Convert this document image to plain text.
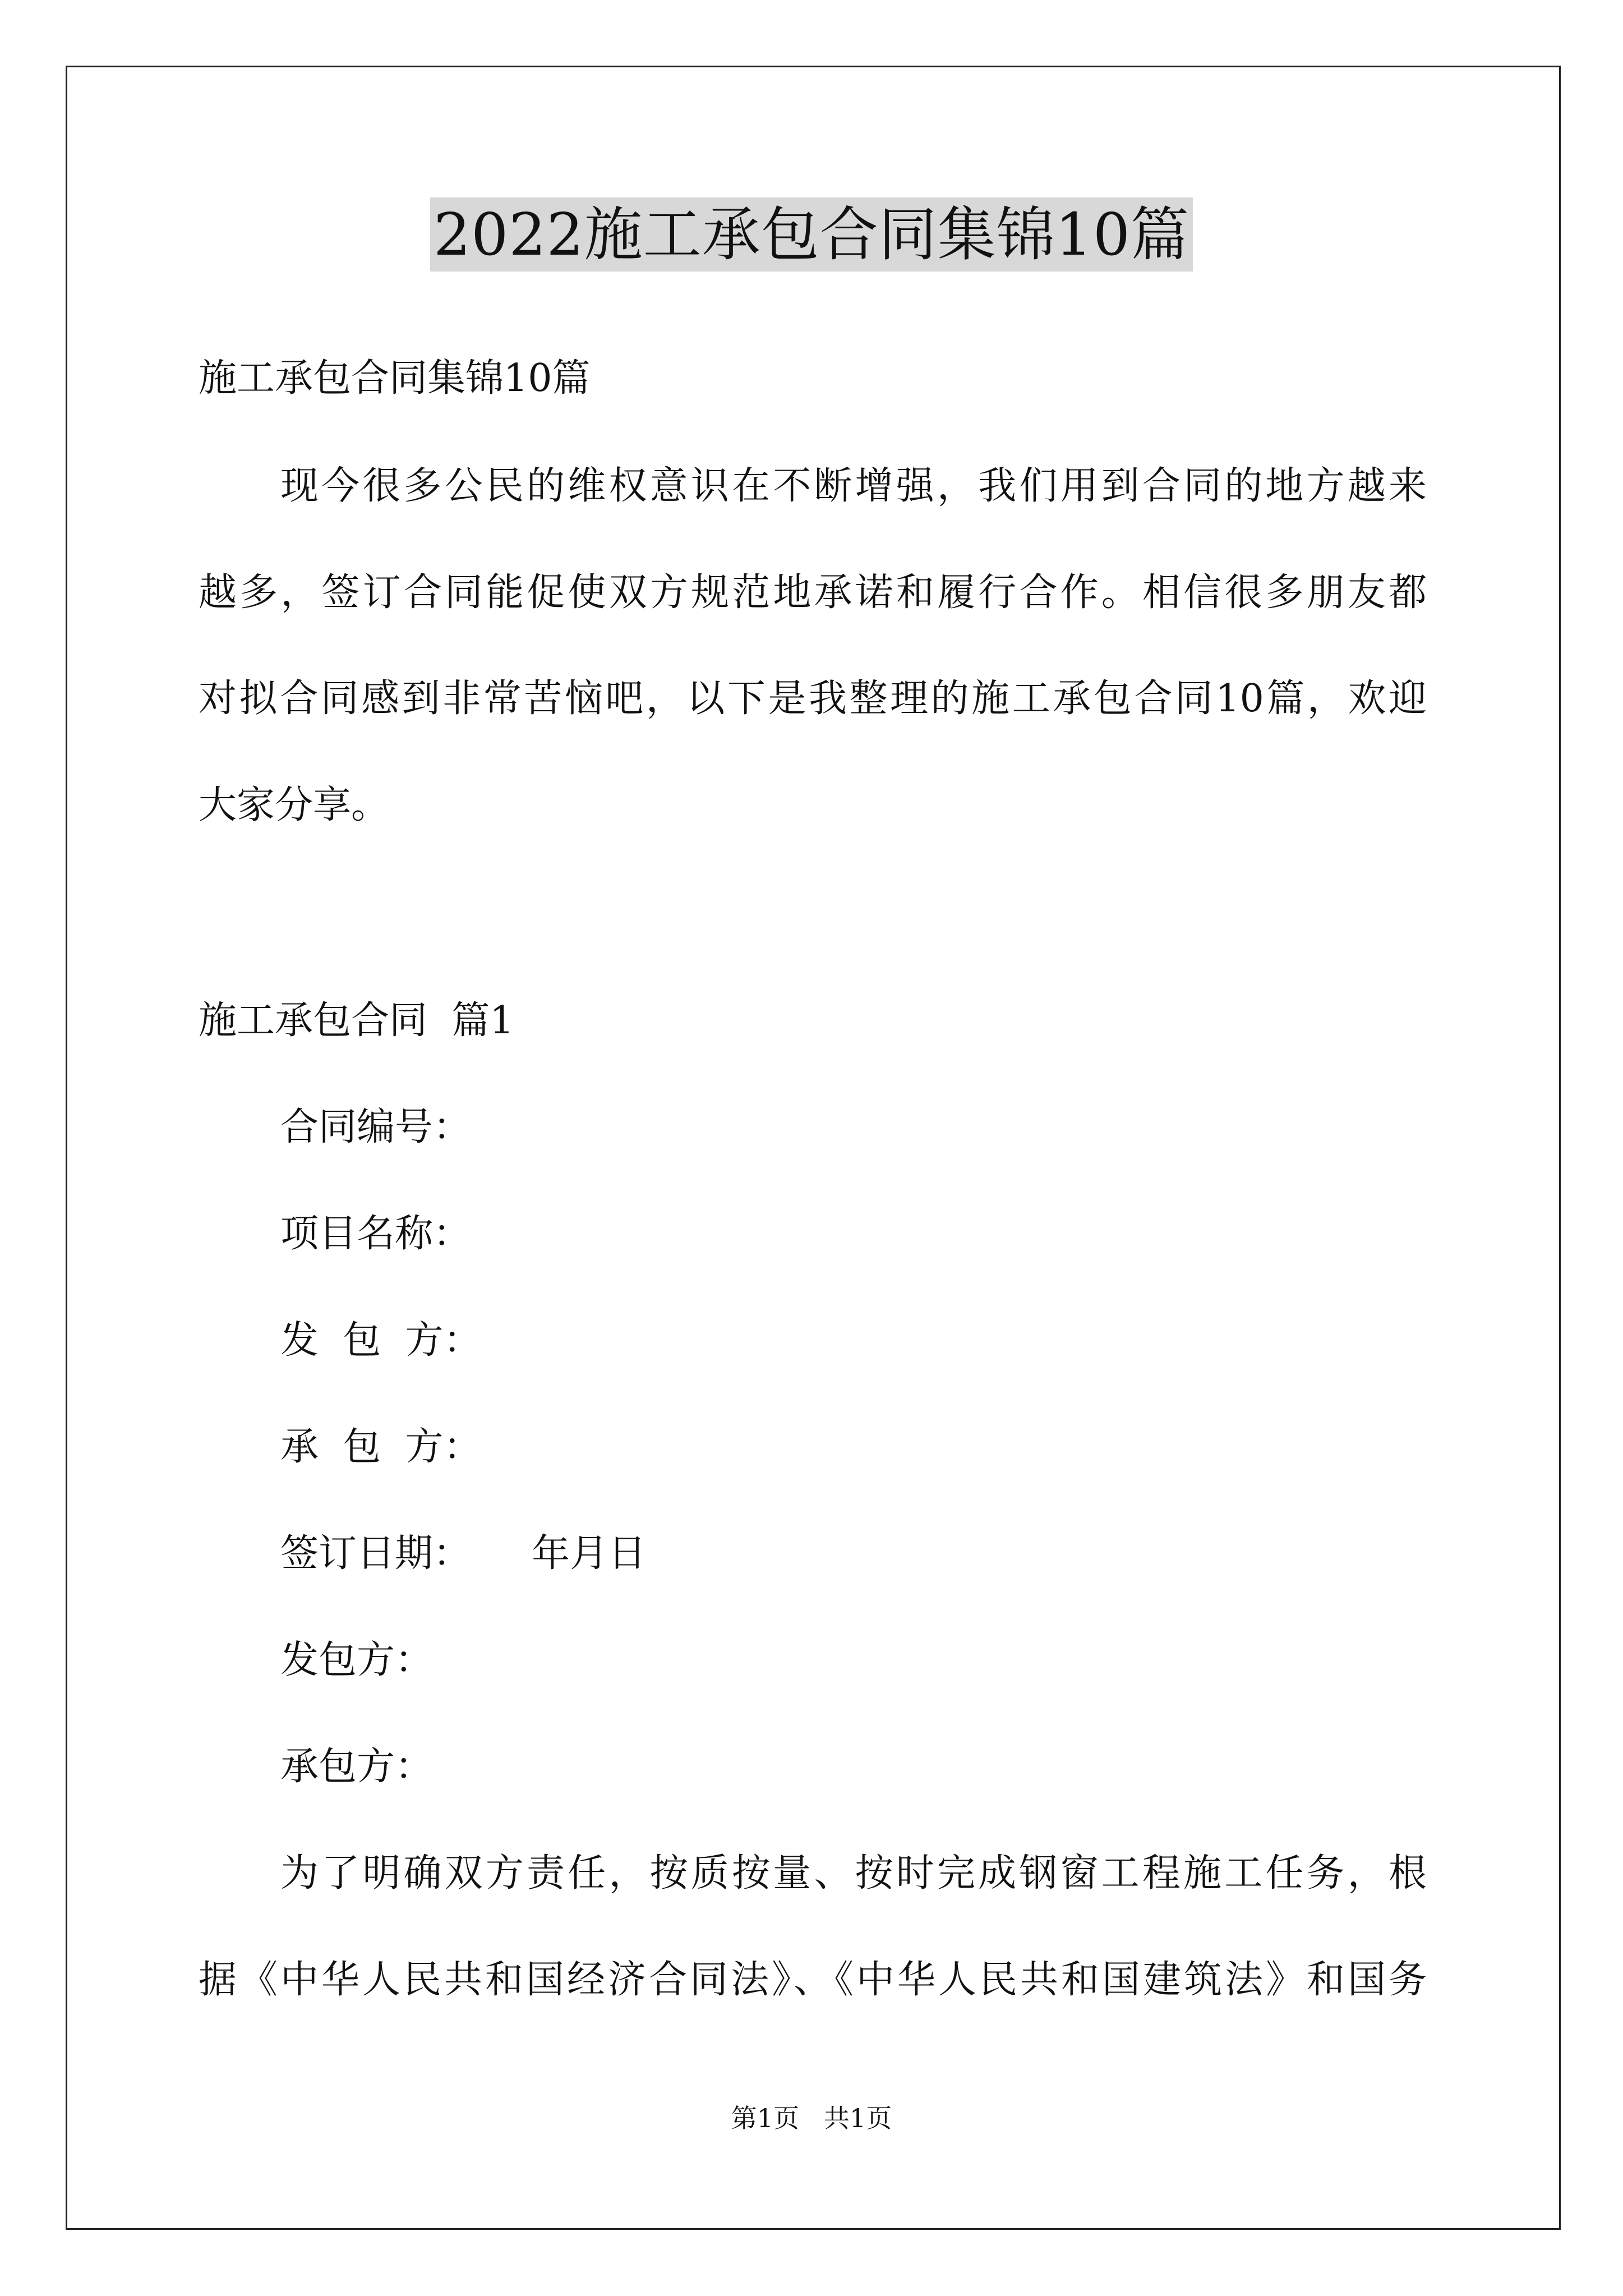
2022施工承包合同集锦10篇
施工承包合同集锦10篇
现今很多公民的维权意识在不断增强，我们用到合同的地方越来
越多，签订合同能促使双方规范地承诺和履行合作。相信很多朋友都
对拟合同感到非常苦恼吧，以下是我整理的施工承包合同10篇，欢迎
大家分享。
施工承包合同  篇1
合同编号：
项目名称：
发  包  方：
承  包  方：
签订日期：     年月日
发包方：
承包方：
为了明确双方责任，按质按量、按时完成钢窗工程施工任务，根
据《中华人民共和国经济合同法》、《中华人民共和国建筑法》和国务
第1页   共1页
